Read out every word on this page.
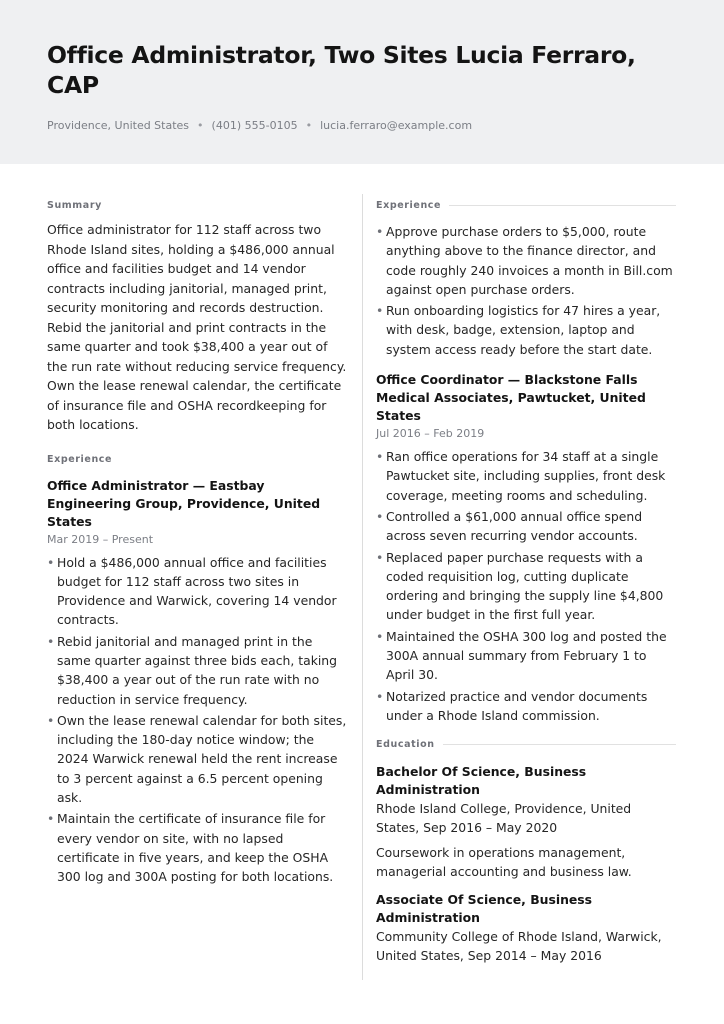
Office Administrator, Two Sites Lucia Ferraro, CAP
Providence, United States • (401) 555-0105 • lucia.ferraro@example.com
Summary
Office administrator for 112 staff across two Rhode Island sites, holding a $486,000 annual office and facilities budget and 14 vendor contracts including janitorial, managed print, security monitoring and records destruction. Rebid the janitorial and print contracts in the same quarter and took $38,400 a year out of the run rate without reducing service frequency. Own the lease renewal calendar, the certificate of insurance file and OSHA recordkeeping for both locations.
Experience
Office Administrator — Eastbay Engineering Group, Providence, United States
Mar 2019 – Present
• Hold a $486,000 annual office and facilities budget for 112 staff across two sites in Providence and Warwick, covering 14 vendor contracts.
• Rebid janitorial and managed print in the same quarter against three bids each, taking $38,400 a year out of the run rate with no reduction in service frequency.
• Own the lease renewal calendar for both sites, including the 180-day notice window; the 2024 Warwick renewal held the rent increase to 3 percent against a 6.5 percent opening ask.
• Maintain the certificate of insurance file for every vendor on site, with no lapsed certificate in five years, and keep the OSHA 300 log and 300A posting for both locations.
Experience
• Approve purchase orders to $5,000, route anything above to the finance director, and code roughly 240 invoices a month in Bill.com against open purchase orders.
• Run onboarding logistics for 47 hires a year, with desk, badge, extension, laptop and system access ready before the start date.
Office Coordinator — Blackstone Falls Medical Associates, Pawtucket, United States
Jul 2016 – Feb 2019
• Ran office operations for 34 staff at a single Pawtucket site, including supplies, front desk coverage, meeting rooms and scheduling.
• Controlled a $61,000 annual office spend across seven recurring vendor accounts.
• Replaced paper purchase requests with a coded requisition log, cutting duplicate ordering and bringing the supply line $4,800 under budget in the first full year.
• Maintained the OSHA 300 log and posted the 300A annual summary from February 1 to April 30.
• Notarized practice and vendor documents under a Rhode Island commission.
Education
Bachelor Of Science, Business Administration
Rhode Island College, Providence, United States, Sep 2016 – May 2020
Coursework in operations management, managerial accounting and business law.
Associate Of Science, Business Administration
Community College of Rhode Island, Warwick, United States, Sep 2014 – May 2016
